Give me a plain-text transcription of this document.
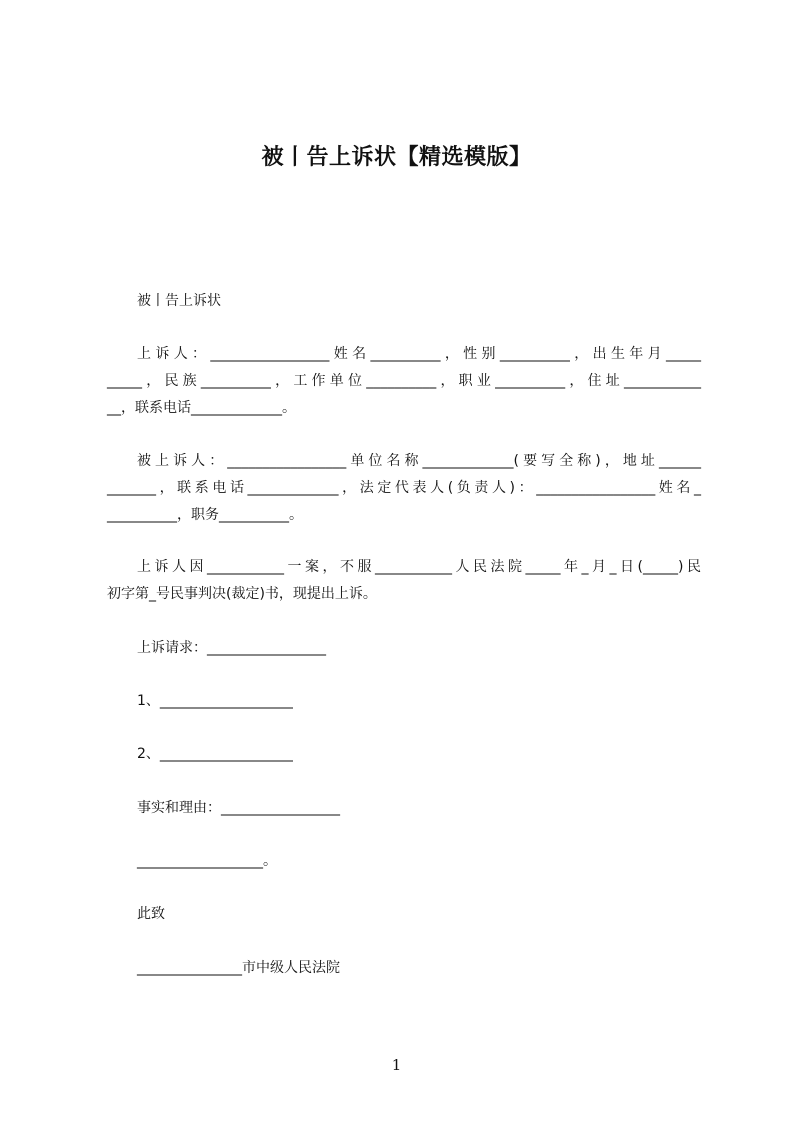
被丨告上诉状【精选模版】
被丨告上诉状
上诉人：_________________姓名__________，性别__________，出生年月_____
_____，民族__________，工作单位__________，职业__________，住址___________
__，联系电话_____________。
被上诉人：_________________单位名称_____________(要写全称)，地址______
_______，联系电话_____________，法定代表人(负责人)：_________________姓名_
__________，职务__________。
上诉人因___________一案，不服___________人民法院_____年_月_日(_____)民
初字第_号民事判决(裁定)书，现提出上诉。
上诉请求：_________________
1、___________________
2、___________________
事实和理由：_________________
__________________。
此致
_______________市中级人民法院
1
